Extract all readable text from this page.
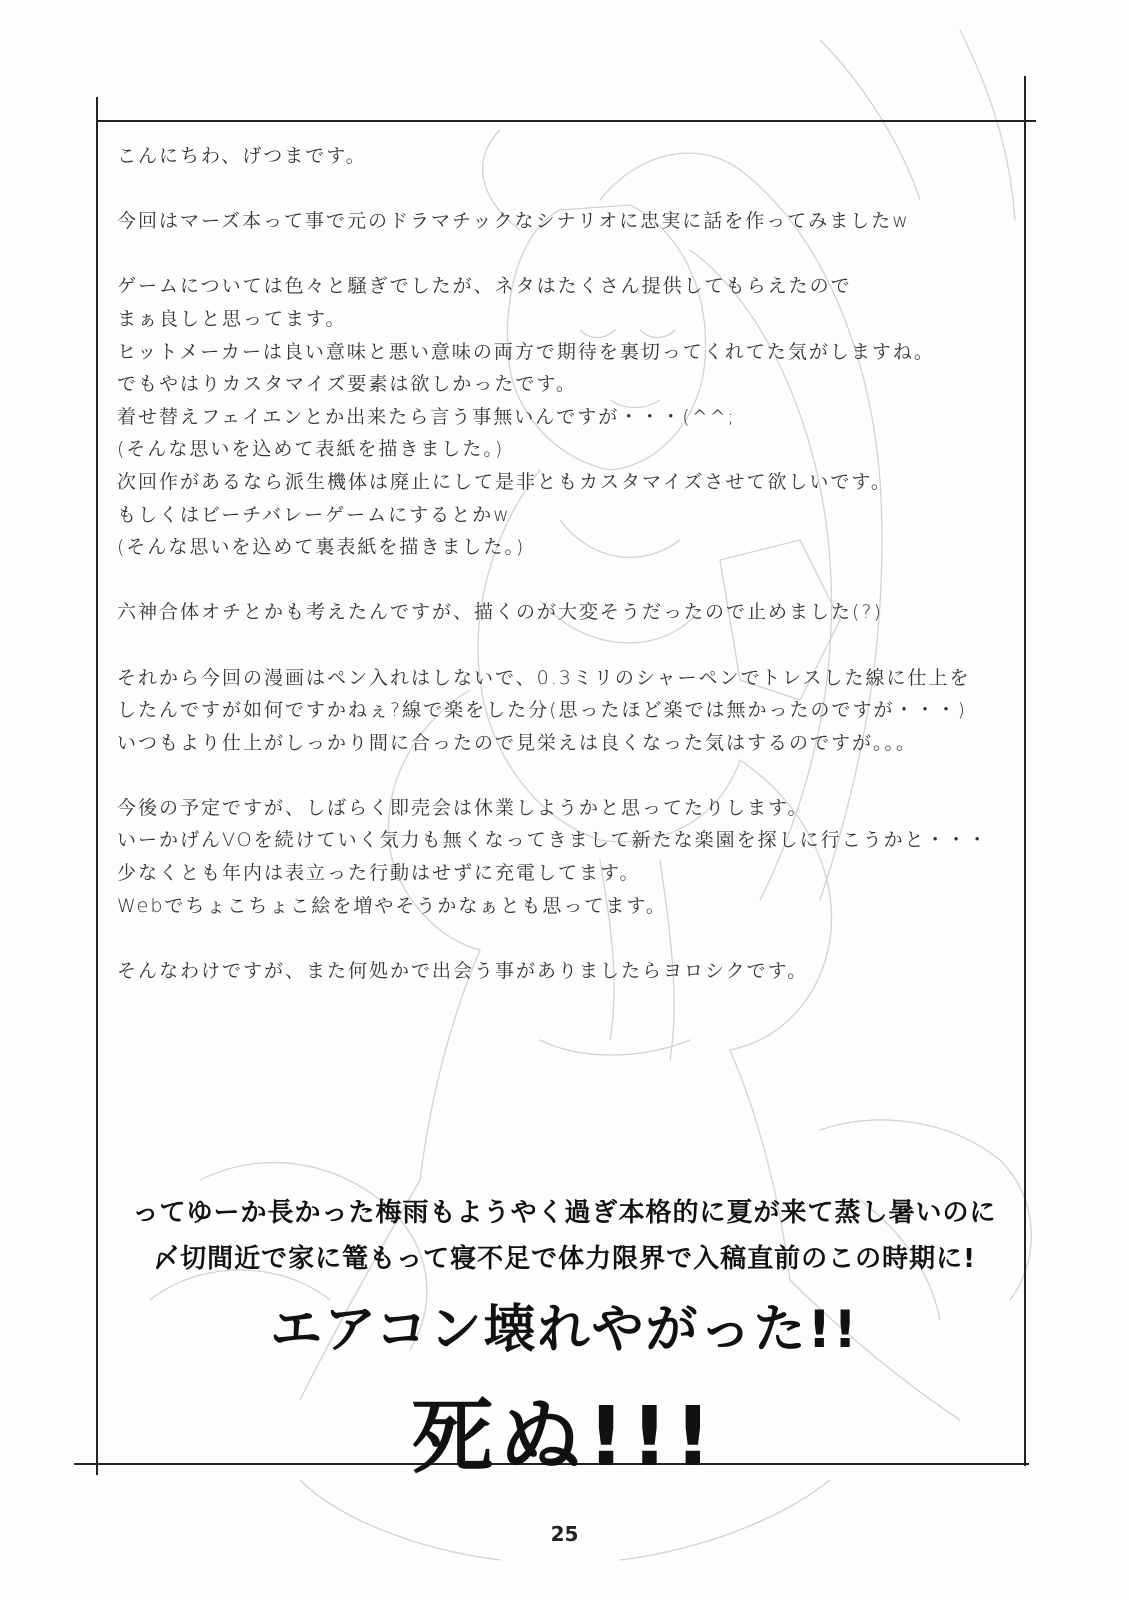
こんにちわ、げつまです。

今回はマーズ本って事で元のドラマチックなシナリオに忠実に話を作ってみましたw

ゲームについては色々と騒ぎでしたが、ネタはたくさん提供してもらえたので

まぁ良しと思ってます。

ヒットメーカーは良い意味と悪い意味の両方で期待を裏切ってくれてた気がしますね。

でもやはりカスタマイズ要素は欲しかったです。

着せ替えフェイエンとか出来たら言う事無いんですが・・・(^^;

(そんな思いを込めて表紙を描きました。)

次回作があるなら派生機体は廃止にして是非ともカスタマイズさせて欲しいです。

もしくはビーチバレーゲームにするとかw

(そんな思いを込めて裏表紙を描きました。)

六神合体オチとかも考えたんですが、描くのが大変そうだったので止めました(?)

それから今回の漫画はペン入れはしないで、0.3ミリのシャーペンでトレスした線に仕上を

したんですが如何ですかねぇ?線で楽をした分(思ったほど楽では無かったのですが・・・)

いつもより仕上がしっかり間に合ったので見栄えは良くなった気はするのですが。。。

今後の予定ですが、しばらく即売会は休業しようかと思ってたりします。

いーかげんVOを続けていく気力も無くなってきまして新たな楽園を探しに行こうかと・・・

少なくとも年内は表立った行動はせずに充電してます。

Webでちょこちょこ絵を増やそうかなぁとも思ってます。

そんなわけですが、また何処かで出会う事がありましたらヨロシクです。

ってゆーか長かった梅雨もようやく過ぎ本格的に夏が来て蒸し暑いのに
〆切間近で家に篭もって寝不足で体力限界で入稿直前のこの時期に!
エアコン壊れやがった!!
死ぬ!!!
25
